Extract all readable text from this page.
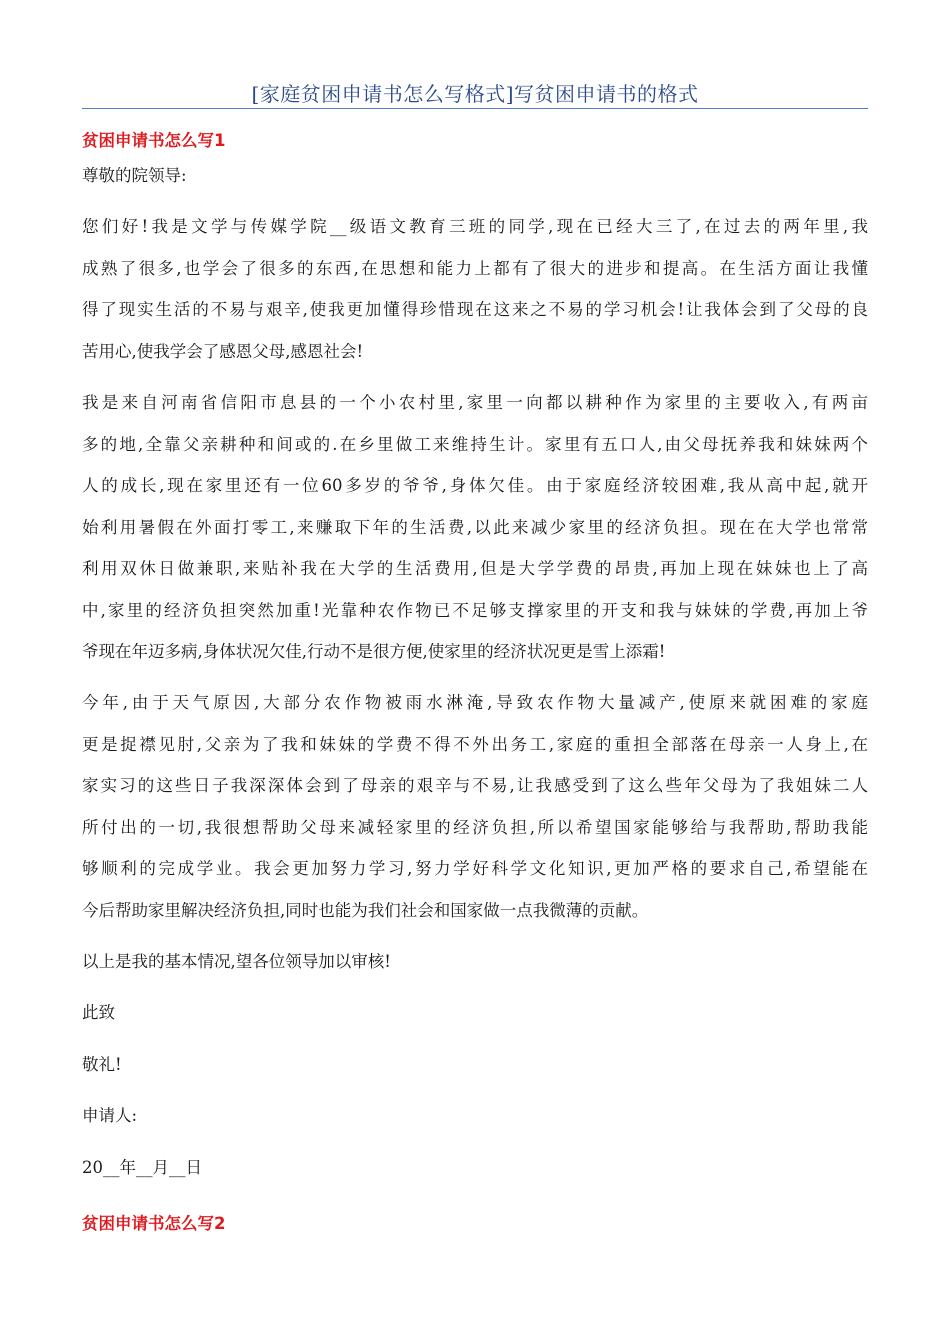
[家庭贫困申请书怎么写格式]写贫困申请书的格式
贫困申请书怎么写1
尊敬的院领导:
您们好!我是文学与传媒学院__级语文教育三班的同学,现在已经大三了,在过去的两年里,我
成熟了很多,也学会了很多的东西,在思想和能力上都有了很大的进步和提高。在生活方面让我懂
得了现实生活的不易与艰辛,使我更加懂得珍惜现在这来之不易的学习机会!让我体会到了父母的良
苦用心,使我学会了感恩父母,感恩社会!
我是来自河南省信阳市息县的一个小农村里,家里一向都以耕种作为家里的主要收入,有两亩
多的地,全靠父亲耕种和间或的.在乡里做工来维持生计。家里有五口人,由父母抚养我和妹妹两个
人的成长,现在家里还有一位60多岁的爷爷,身体欠佳。由于家庭经济较困难,我从高中起,就开
始利用暑假在外面打零工,来赚取下年的生活费,以此来减少家里的经济负担。现在在大学也常常
利用双休日做兼职,来贴补我在大学的生活费用,但是大学学费的昂贵,再加上现在妹妹也上了高
中,家里的经济负担突然加重!光靠种农作物已不足够支撑家里的开支和我与妹妹的学费,再加上爷
爷现在年迈多病,身体状况欠佳,行动不是很方便,使家里的经济状况更是雪上添霜!
今年,由于天气原因,大部分农作物被雨水淋淹,导致农作物大量减产,使原来就困难的家庭
更是捉襟见肘,父亲为了我和妹妹的学费不得不外出务工,家庭的重担全部落在母亲一人身上,在
家实习的这些日子我深深体会到了母亲的艰辛与不易,让我感受到了这么些年父母为了我姐妹二人
所付出的一切,我很想帮助父母来减轻家里的经济负担,所以希望国家能够给与我帮助,帮助我能
够顺利的完成学业。我会更加努力学习,努力学好科学文化知识,更加严格的要求自己,希望能在
今后帮助家里解决经济负担,同时也能为我们社会和国家做一点我微薄的贡献。
以上是我的基本情况,望各位领导加以审核!
此致
敬礼!
申请人:
20__年__月__日
贫困申请书怎么写2
